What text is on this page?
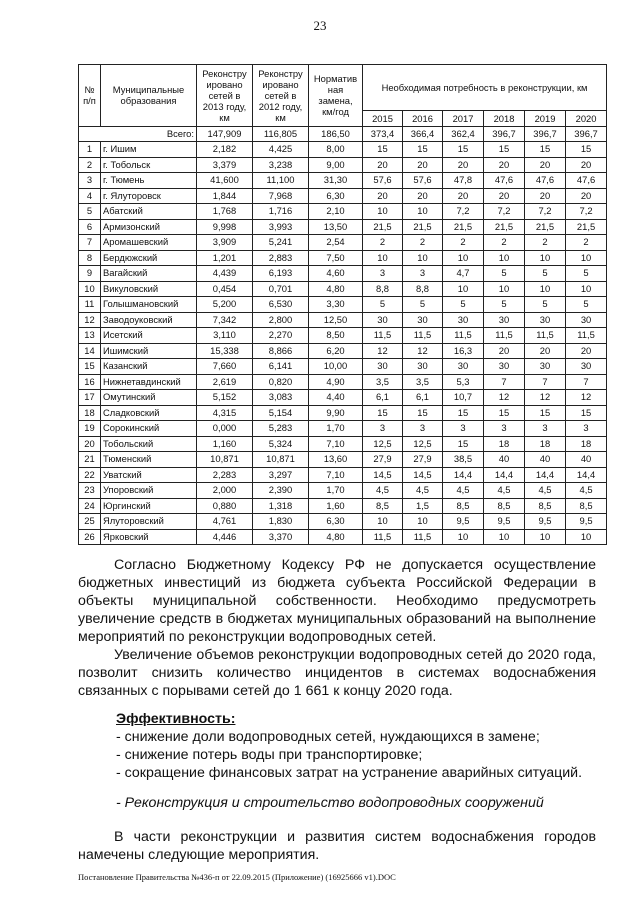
23
№ п/п	Муниципальные образования	Реконстру ировано сетей в 2013 году, км	Реконстру ировано сетей в 2012 году, км	Норматив ная замена, км/год	Необходимая потребность в реконструкции, км					
					2015	2016	2017	2018	2019	2020
Всего:		147,909	116,805	186,50	373,4	366,4	362,4	396,7	396,7	396,7
1	г. Ишим	2,182	4,425	8,00	15	15	15	15	15	15
2	г. Тобольск	3,379	3,238	9,00	20	20	20	20	20	20
3	г. Тюмень	41,600	11,100	31,30	57,6	57,6	47,8	47,6	47,6	47,6
4	г. Ялуторовск	1,844	7,968	6,30	20	20	20	20	20	20
5	Абатский	1,768	1,716	2,10	10	10	7,2	7,2	7,2	7,2
6	Армизонский	9,998	3,993	13,50	21,5	21,5	21,5	21,5	21,5	21,5
7	Аромашевский	3,909	5,241	2,54	2	2	2	2	2	2
8	Бердюжский	1,201	2,883	7,50	10	10	10	10	10	10
9	Вагайский	4,439	6,193	4,60	3	3	4,7	5	5	5
10	Викуловский	0,454	0,701	4,80	8,8	8,8	10	10	10	10
11	Голышмановский	5,200	6,530	3,30	5	5	5	5	5	5
12	Заводоуковский	7,342	2,800	12,50	30	30	30	30	30	30
13	Исетский	3,110	2,270	8,50	11,5	11,5	11,5	11,5	11,5	11,5
14	Ишимский	15,338	8,866	6,20	12	12	16,3	20	20	20
15	Казанский	7,660	6,141	10,00	30	30	30	30	30	30
16	Нижнетавдинский	2,619	0,820	4,90	3,5	3,5	5,3	7	7	7
17	Омутинский	5,152	3,083	4,40	6,1	6,1	10,7	12	12	12
18	Сладковский	4,315	5,154	9,90	15	15	15	15	15	15
19	Сорокинский	0,000	5,283	1,70	3	3	3	3	3	3
20	Тобольский	1,160	5,324	7,10	12,5	12,5	15	18	18	18
21	Тюменский	10,871	10,871	13,60	27,9	27,9	38,5	40	40	40
22	Уватский	2,283	3,297	7,10	14,5	14,5	14,4	14,4	14,4	14,4
23	Упоровский	2,000	2,390	1,70	4,5	4,5	4,5	4,5	4,5	4,5
24	Юргинский	0,880	1,318	1,60	8,5	1,5	8,5	8,5	8,5	8,5
25	Ялуторовский	4,761	1,830	6,30	10	10	9,5	9,5	9,5	9,5
26	Ярковский	4,446	3,370	4,80	11,5	11,5	10	10	10	10
Согласно Бюджетному Кодексу РФ не допускается осуществление бюджетных инвестиций из бюджета субъекта Российской Федерации в объекты муниципальной собственности. Необходимо предусмотреть увеличение средств в бюджетах муниципальных образований на выполнение мероприятий по реконструкции водопроводных сетей.
Увеличение объемов реконструкции водопроводных сетей до 2020 года, позволит снизить количество инцидентов в системах водоснабжения связанных с порывами сетей до 1 661 к концу 2020 года.
Эффективность:
- снижение доли водопроводных сетей, нуждающихся в замене;
- снижение потерь воды при транспортировке;
- сокращение финансовых затрат на устранение аварийных ситуаций.
- Реконструкция и строительство водопроводных сооружений
В части реконструкции и развития систем водоснабжения городов намечены следующие мероприятия.
Постановление Правительства №436-п от 22.09.2015 (Приложение) (16925666 v1).DOC
